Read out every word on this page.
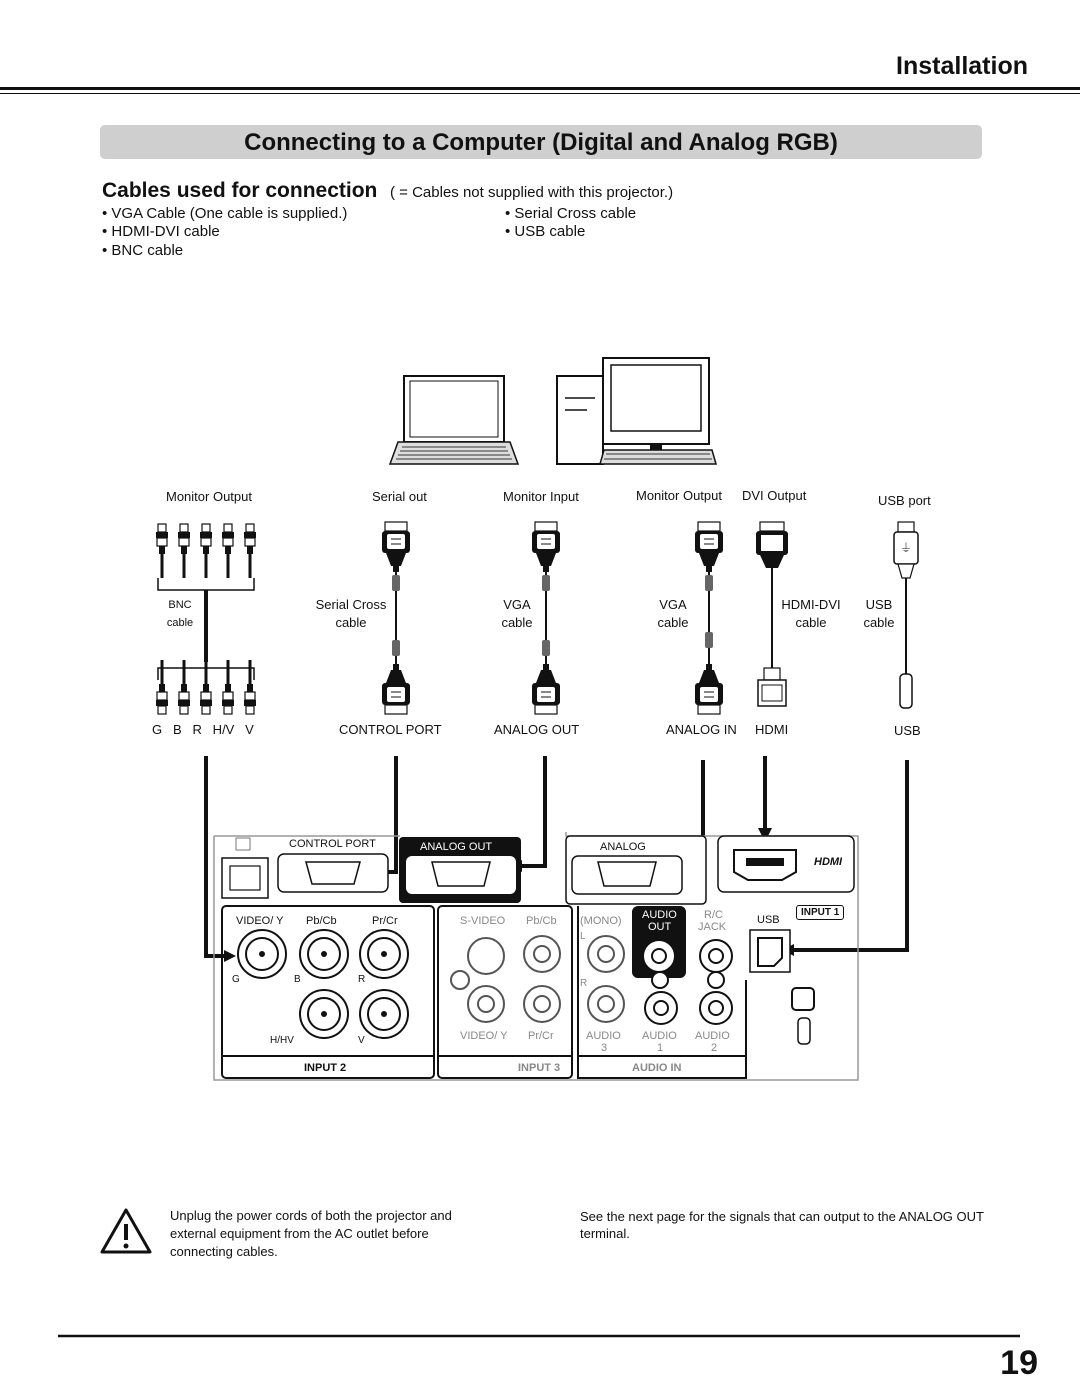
Installation
Connecting to a Computer (Digital and Analog RGB)
Cables used for connection ( = Cables not supplied with this projector.)
• VGA Cable (One cable is supplied.)
• HDMI-DVI cable
• BNC cable
• Serial Cross cable
• USB cable
⏚
Monitor Output	Serial out	Monitor Input	Monitor Output DVI Output	USB port
BNC
cable
Serial Cross
cable
VGA
cable
VGA
cable
HDMI-DVI
cable
USB
cable
G   B   R   H/V   V	CONTROL PORT	ANALOG OUT	ANALOG IN HDMI	USB
CONTROL PORT	ANALOG OUT	ANALOG
HDMI
INPUT 1
USB
VIDEO/ Y Pb/Cb	Pr/Cr
G	B	R
H/HV	V
INPUT 2
S-VIDEO Pb/Cb (MONO) AUDIO
OUT
R/C
JACK
L
R
VIDEO/ Y Pr/Cr	AUDIO
3
AUDIO
1
AUDIO
2
INPUT 3	AUDIO IN
Unplug the power cords of both the projector and external equipment from the AC outlet before connecting cables.
See the next page for the signals that can output to the ANALOG OUT terminal.
19
